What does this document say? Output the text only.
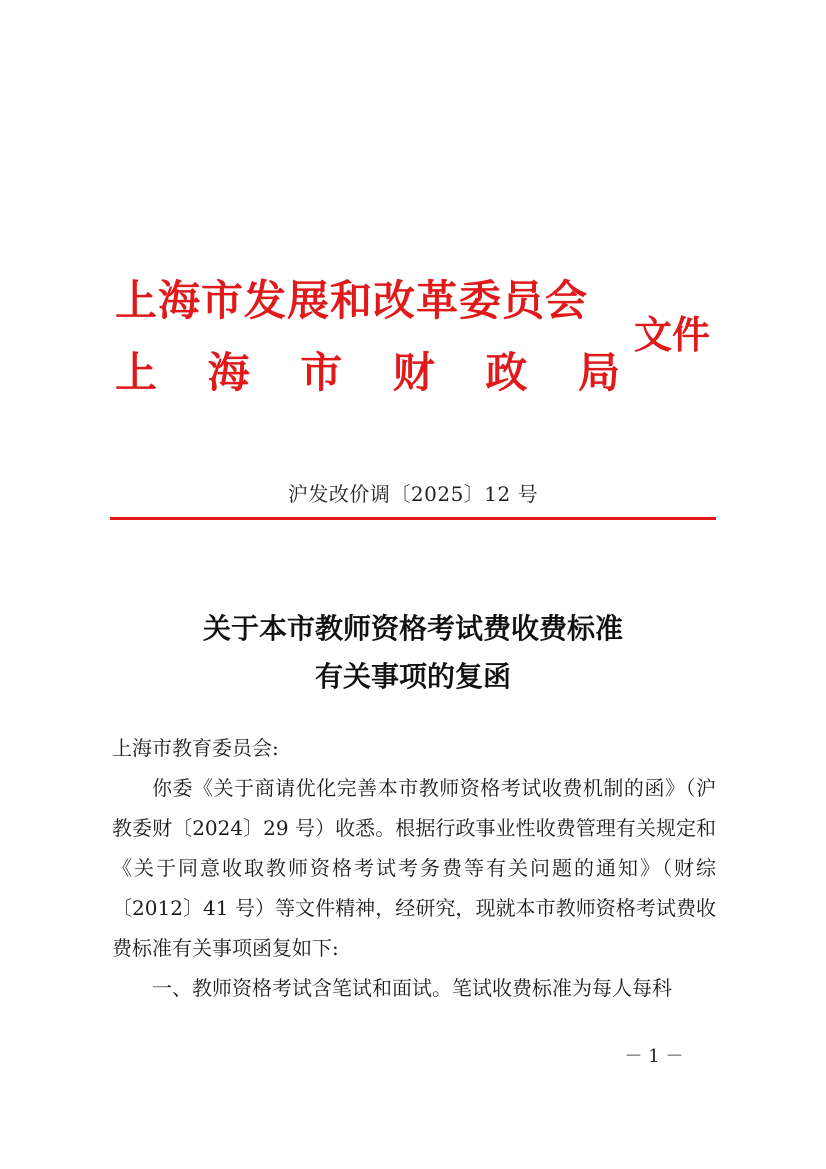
上海市发展和改革委员会
上 海 市 财 政 局
文件
沪发改价调〔2025〕12 号
关于本市教师资格考试费收费标准
有关事项的复函

上海市教育委员会:

你委《关于商请优化完善本市教师资格考试收费机制的函》（沪教委财〔2024〕29 号）收悉。根据行政事业性收费管理有关规定和《关于同意收取教师资格考试考务费等有关问题的通知》（财综〔2012〕41 号）等文件精神，经研究，现就本市教师资格考试费收费标准有关事项函复如下:

一、教师资格考试含笔试和面试。笔试收费标准为每人每科

－ 1 －
